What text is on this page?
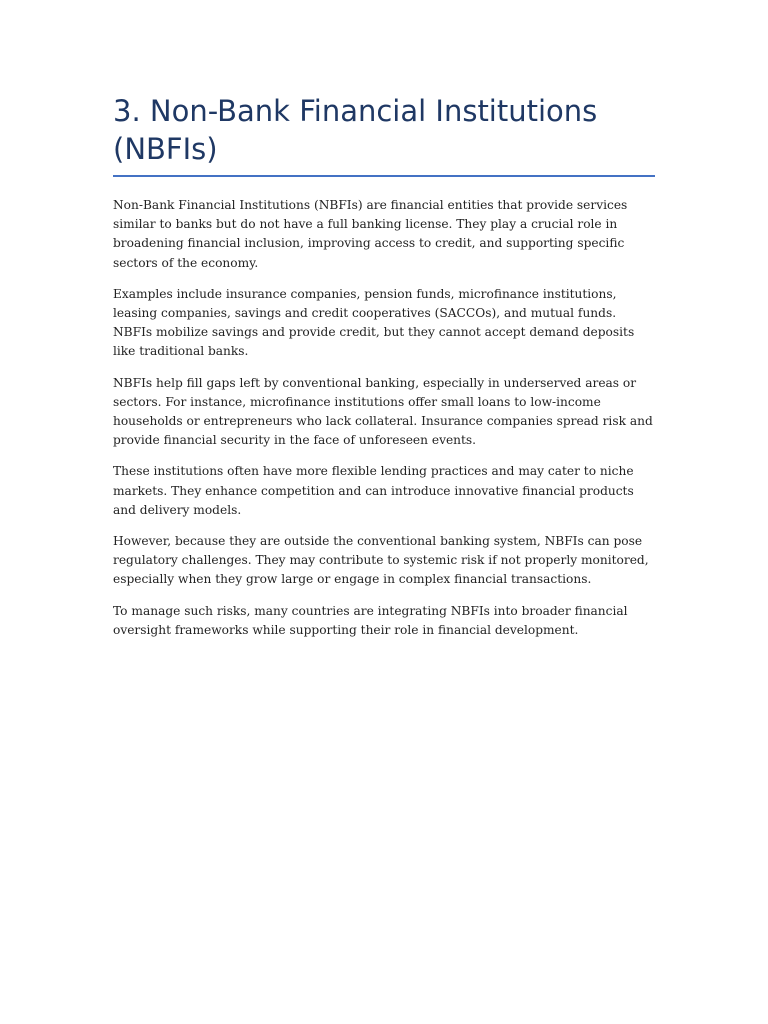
3. Non-Bank Financial Institutions (NBFIs)

Non-Bank Financial Institutions (NBFIs) are financial entities that provide services similar to banks but do not have a full banking license. They play a crucial role in broadening financial inclusion, improving access to credit, and supporting specific sectors of the economy.

Examples include insurance companies, pension funds, microfinance institutions, leasing companies, savings and credit cooperatives (SACCOs), and mutual funds. NBFIs mobilize savings and provide credit, but they cannot accept demand deposits like traditional banks.

NBFIs help fill gaps left by conventional banking, especially in underserved areas or sectors. For instance, microfinance institutions offer small loans to low-income households or entrepreneurs who lack collateral. Insurance companies spread risk and provide financial security in the face of unforeseen events.

These institutions often have more flexible lending practices and may cater to niche markets. They enhance competition and can introduce innovative financial products and delivery models.

However, because they are outside the conventional banking system, NBFIs can pose regulatory challenges. They may contribute to systemic risk if not properly monitored, especially when they grow large or engage in complex financial transactions.

To manage such risks, many countries are integrating NBFIs into broader financial oversight frameworks while supporting their role in financial development.
